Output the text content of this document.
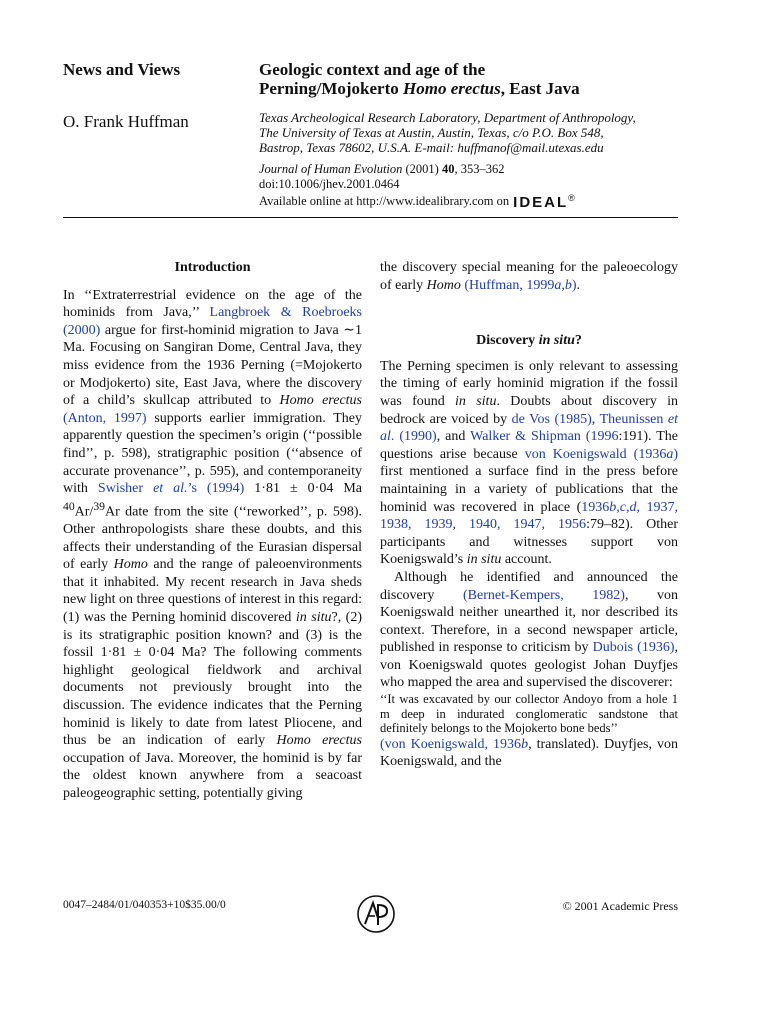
News and Views	Geologic context and age of the
Perning/Mojokerto Homo erectus, East Java
O. Frank Huffman	Texas Archeological Research Laboratory, Department of Anthropology,
The University of Texas at Austin, Austin, Texas, c/o P.O. Box 548,
Bastrop, Texas 78602, U.S.A. E-mail: huffmanof@mail.utexas.edu
Journal of Human Evolution (2001) 40, 353–362
doi:10.1006/jhev.2001.0464
Available online at http://www.idealibrary.com on IDEAL®

Introduction

In ‘‘Extraterrestrial evidence on the age of the hominids from Java,’’ Langbroek & Roebroeks (2000) argue for first-hominid migration to Java ∼1 Ma. Focusing on Sangiran Dome, Central Java, they miss evidence from the 1936 Perning (=Mojokerto or Modjokerto) site, East Java, where the discovery of a child’s skullcap attributed to Homo erectus (Anton, 1997) supports earlier immigration. They apparently question the specimen’s origin (‘‘possible find’’, p. 598), stratigraphic position (‘‘absence of accurate provenance’’, p. 595), and contemporaneity with Swisher et al.’s (1994) 1·81 ± 0·04 Ma $^{40}$Ar/$^{39}$Ar date from the site (‘‘reworked’’, p. 598). Other anthropologists share these doubts, and this affects their understanding of the Eurasian dispersal of early Homo and the range of paleoenvironments that it inhabited. My recent research in Java sheds new light on three questions of interest in this regard: (1) was the Perning hominid discovered in situ?, (2) is its stratigraphic position known? and (3) is the fossil 1·81 ± 0·04 Ma? The following comments highlight geological fieldwork and archival documents not previously brought into the discussion. The evidence indicates that the Perning hominid is likely to date from latest Pliocene, and thus be an indication of early Homo erectus occupation of Java. Moreover, the hominid is by far the oldest known anywhere from a seacoast paleogeographic setting, potentially giving

the discovery special meaning for the paleoecology of early Homo (Huffman, 1999a,b).

Discovery in situ?

The Perning specimen is only relevant to assessing the timing of early hominid migration if the fossil was found in situ. Doubts about discovery in bedrock are voiced by de Vos (1985), Theunissen et al. (1990), and Walker & Shipman (1996:191). The questions arise because von Koenigswald (1936a) first mentioned a surface find in the press before maintaining in a variety of publications that the hominid was recovered in place (1936b,c,d, 1937, 1938, 1939, 1940, 1947, 1956:79–82). Other participants and witnesses support von Koenigswald’s in situ account.

Although he identified and announced the discovery (Bernet-Kempers, 1982), von Koenigswald neither unearthed it, nor described its context. Therefore, in a second newspaper article, published in response to criticism by Dubois (1936), von Koenigswald quotes geologist Johan Duyfjes who mapped the area and supervised the discoverer:

‘‘It was excavated by our collector Andoyo from a hole 1 m deep in indurated conglomeratic sandstone that definitely belongs to the Mojokerto bone beds’’

(von Koenigswald, 1936b, translated). Duyfjes, von Koenigswald, and the

0047–2484/01/040353+10$35.00/0	© 2001 Academic Press
